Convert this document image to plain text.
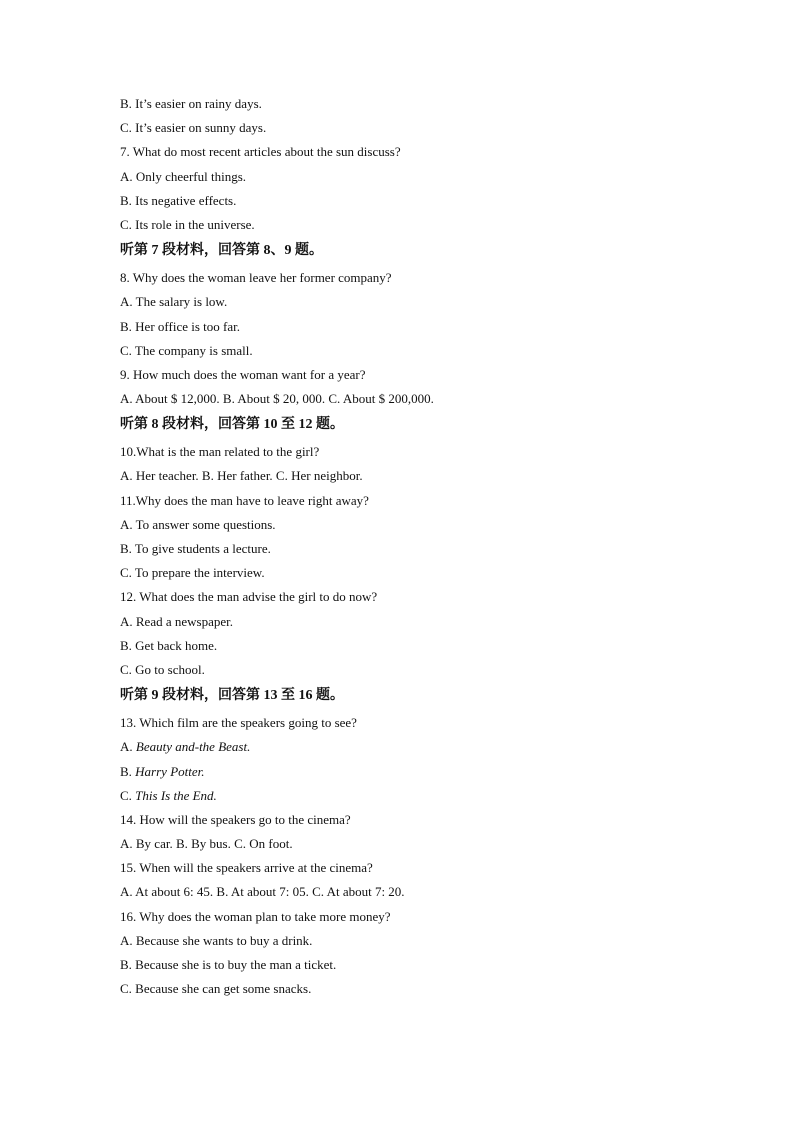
B. It’s easier on rainy days.
C. It’s easier on sunny days.
7. What do most recent articles about the sun discuss?
A. Only cheerful things.
B. Its negative effects.
C. Its role in the universe.
听第 7 段材料，回答第 8、9 题。
8. Why does the woman leave her former company?
A. The salary is low.
B. Her office is too far.
C. The company is small.
9. How much does the woman want for a year?
A. About $ 12,000. B. About $ 20, 000. C. About $ 200,000.
听第 8 段材料，回答第 10 至 12 题。
10.What is the man related to the girl?
A. Her teacher. B. Her father. C. Her neighbor.
11.Why does the man have to leave right away?
A. To answer some questions.
B. To give students a lecture.
C. To prepare the interview.
12. What does the man advise the girl to do now?
A. Read a newspaper.
B. Get back home.
C. Go to school.
听第 9 段材料，回答第 13 至 16 题。
13. Which film are the speakers going to see?
A. Beauty and-the Beast.
B. Harry Potter.
C. This Is the End.
14. How will the speakers go to the cinema?
A. By car. B. By bus. C. On foot.
15. When will the speakers arrive at the cinema?
A. At about 6: 45. B. At about 7: 05. C. At about 7: 20.
16. Why does the woman plan to take more money?
A. Because she wants to buy a drink.
B. Because she is to buy the man a ticket.
C. Because she can get some snacks.
